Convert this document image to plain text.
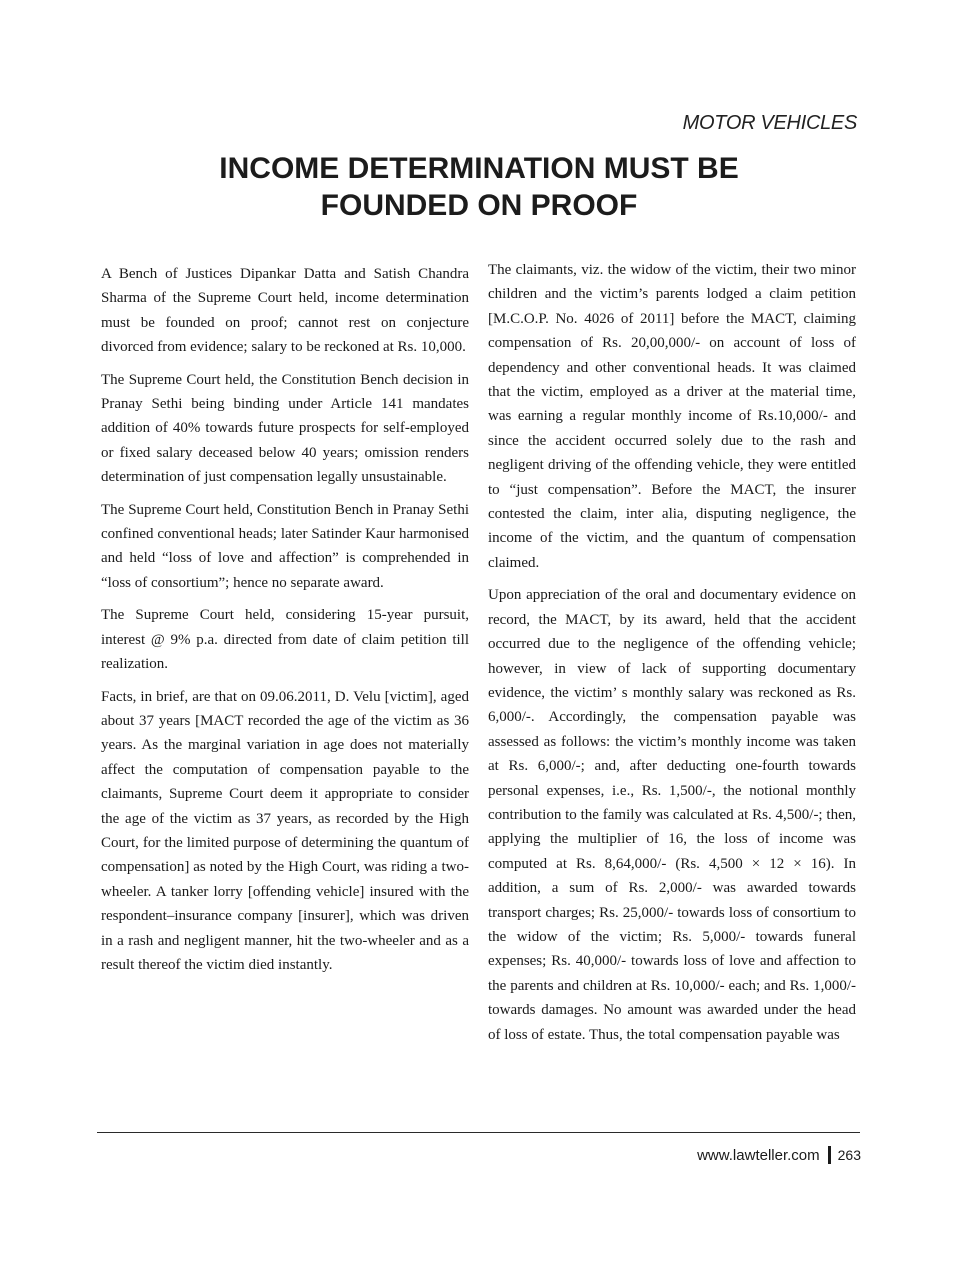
MOTOR VEHICLES
INCOME DETERMINATION MUST BE
FOUNDED ON PROOF

A Bench of Justices Dipankar Datta and Satish Chandra Sharma of the Supreme Court held, income determination must be founded on proof; cannot rest on conjecture divorced from evidence; salary to be reckoned at Rs. 10,000.

The Supreme Court held, the Constitution Bench decision in Pranay Sethi being binding under Article 141 mandates addition of 40% towards future prospects for self-employed or fixed salary deceased below 40 years; omission renders determination of just compensation legally unsustainable.

The Supreme Court held, Constitution Bench in Pranay Sethi confined conventional heads; later Satinder Kaur harmonised and held “loss of love and affection” is comprehended in “loss of consortium”; hence no separate award.

The Supreme Court held, considering 15-year pursuit, interest @ 9% p.a. directed from date of claim petition till realization.

Facts, in brief, are that on 09.06.2011, D. Velu [victim], aged about 37 years [MACT recorded the age of the victim as 36 years. As the marginal variation in age does not materially affect the computation of compensation payable to the claimants, Supreme Court deem it appropriate to consider the age of the victim as 37 years, as recorded by the High Court, for the limited purpose of determining the quantum of compensation] as noted by the High Court, was riding a two-wheeler. A tanker lorry [offending vehicle] insured with the respondent–insurance company [insurer], which was driven in a rash and negligent manner, hit the two-wheeler and as a result thereof the victim died instantly.

The claimants, viz. the widow of the victim, their two minor children and the victim’s parents lodged a claim petition [M.C.O.P. No. 4026 of 2011] before the MACT, claiming compensation of Rs. 20,00,000/- on account of loss of dependency and other conventional heads. It was claimed that the victim, employed as a driver at the material time, was earning a regular monthly income of Rs.10,000/- and since the accident occurred solely due to the rash and negligent driving of the offending vehicle, they were entitled to “just compensation”. Before the MACT, the insurer contested the claim, inter alia, disputing negligence, the income of the victim, and the quantum of compensation claimed.

Upon appreciation of the oral and documentary evidence on record, the MACT, by its award, held that the accident occurred due to the negligence of the offending vehicle; however, in view of lack of supporting documentary evidence, the victim’ s monthly salary was reckoned as Rs. 6,000/-. Accordingly, the compensation payable was assessed as follows: the victim’s monthly income was taken at Rs. 6,000/-; and, after deducting one-fourth towards personal expenses, i.e., Rs. 1,500/-, the notional monthly contribution to the family was calculated at Rs. 4,500/-; then, applying the multiplier of 16, the loss of income was computed at Rs. 8,64,000/- (Rs. 4,500 × 12 × 16). In addition, a sum of Rs. 2,000/- was awarded towards transport charges; Rs. 25,000/- towards loss of consortium to the widow of the victim; Rs. 5,000/- towards funeral expenses; Rs. 40,000/- towards loss of love and affection to the parents and children at Rs. 10,000/- each; and Rs. 1,000/- towards damages. No amount was awarded under the head of loss of estate. Thus, the total compensation payable was

www.lawteller.com 263
